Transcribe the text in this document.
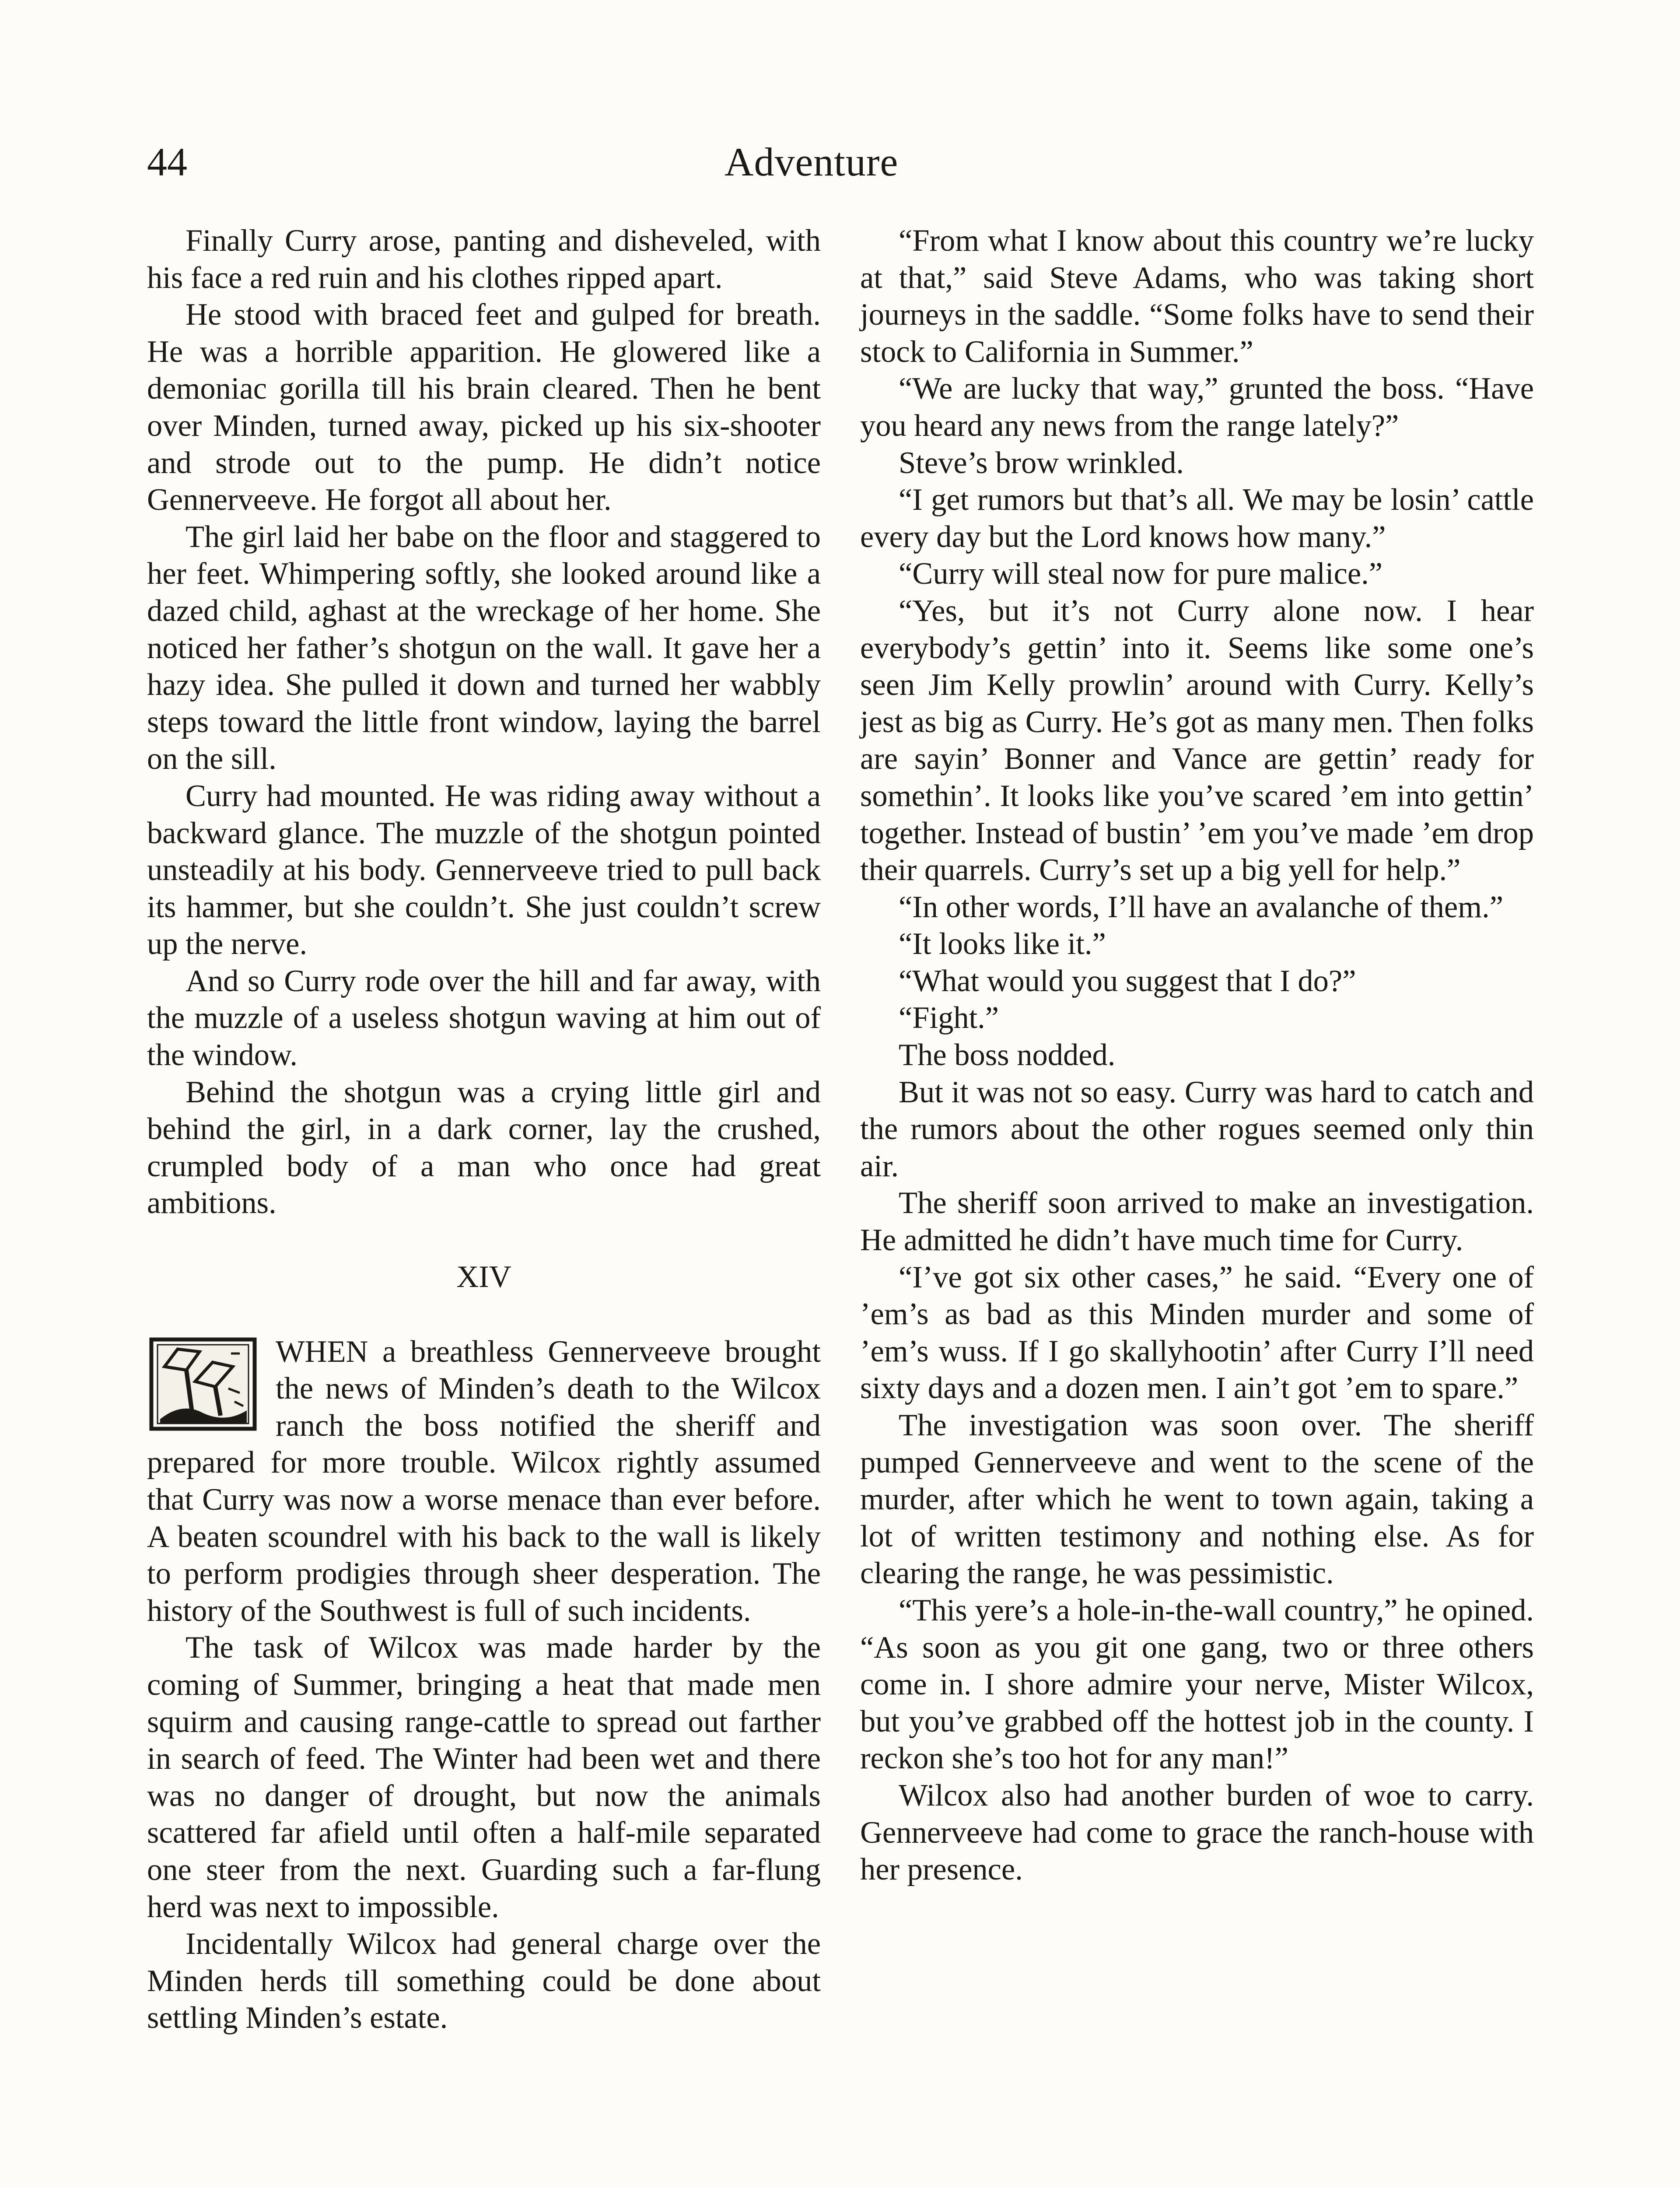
44	Adventure

Finally Curry arose, panting and disheveled, with his face a red ruin and his clothes ripped apart.

He stood with braced feet and gulped for breath. He was a horrible apparition. He glowered like a demoniac gorilla till his brain cleared. Then he bent over Minden, turned away, picked up his six-shooter and strode out to the pump. He didn’t notice Gennerveeve. He forgot all about her.

The girl laid her babe on the floor and staggered to her feet. Whimpering softly, she looked around like a dazed child, aghast at the wreckage of her home. She noticed her father’s shotgun on the wall. It gave her a hazy idea. She pulled it down and turned her wabbly steps toward the little front window, laying the barrel on the sill.

Curry had mounted. He was riding away without a backward glance. The muzzle of the shotgun pointed unsteadily at his body. Gennerveeve tried to pull back its hammer, but she couldn’t. She just couldn’t screw up the nerve.

And so Curry rode over the hill and far away, with the muzzle of a useless shotgun waving at him out of the window.

Behind the shotgun was a crying little girl and behind the girl, in a dark corner, lay the crushed, crumpled body of a man who once had great ambitions.

XIV

WHEN a breathless Gennerveeve brought the news of Minden’s death to the Wilcox ranch the boss notified the sheriff and prepared for more trouble. Wilcox rightly assumed that Curry was now a worse menace than ever before. A beaten scoundrel with his back to the wall is likely to perform prodigies through sheer desperation. The history of the Southwest is full of such incidents.

The task of Wilcox was made harder by the coming of Summer, bringing a heat that made men squirm and causing range-cattle to spread out farther in search of feed. The Winter had been wet and there was no danger of drought, but now the animals scattered far afield until often a half-mile separated one steer from the next. Guarding such a far-flung herd was next to impossible.

Incidentally Wilcox had general charge over the Minden herds till something could be done about settling Minden’s estate.

“From what I know about this country we’re lucky at that,” said Steve Adams, who was taking short journeys in the saddle. “Some folks have to send their stock to California in Summer.”

“We are lucky that way,” grunted the boss. “Have you heard any news from the range lately?”

Steve’s brow wrinkled.

“I get rumors but that’s all. We may be losin’ cattle every day but the Lord knows how many.”

“Curry will steal now for pure malice.”

“Yes, but it’s not Curry alone now. I hear everybody’s gettin’ into it. Seems like some one’s seen Jim Kelly prowlin’ around with Curry. Kelly’s jest as big as Curry. He’s got as many men. Then folks are sayin’ Bonner and Vance are gettin’ ready for somethin’. It looks like you’ve scared ’em into gettin’ together. Instead of bustin’ ’em you’ve made ’em drop their quarrels. Curry’s set up a big yell for help.”

“In other words, I’ll have an avalanche of them.”

“It looks like it.”

“What would you suggest that I do?”

“Fight.”

The boss nodded.

But it was not so easy. Curry was hard to catch and the rumors about the other rogues seemed only thin air.

The sheriff soon arrived to make an investigation. He admitted he didn’t have much time for Curry.

“I’ve got six other cases,” he said. “Every one of ’em’s as bad as this Minden murder and some of ’em’s wuss. If I go skallyhootin’ after Curry I’ll need sixty days and a dozen men. I ain’t got ’em to spare.”

The investigation was soon over. The sheriff pumped Gennerveeve and went to the scene of the murder, after which he went to town again, taking a lot of written testimony and nothing else. As for clearing the range, he was pessimistic.

“This yere’s a hole-in-the-wall country,” he opined. “As soon as you git one gang, two or three others come in. I shore admire your nerve, Mister Wilcox, but you’ve grabbed off the hottest job in the county. I reckon she’s too hot for any man!”

Wilcox also had another burden of woe to carry. Gennerveeve had come to grace the ranch-house with her presence.
